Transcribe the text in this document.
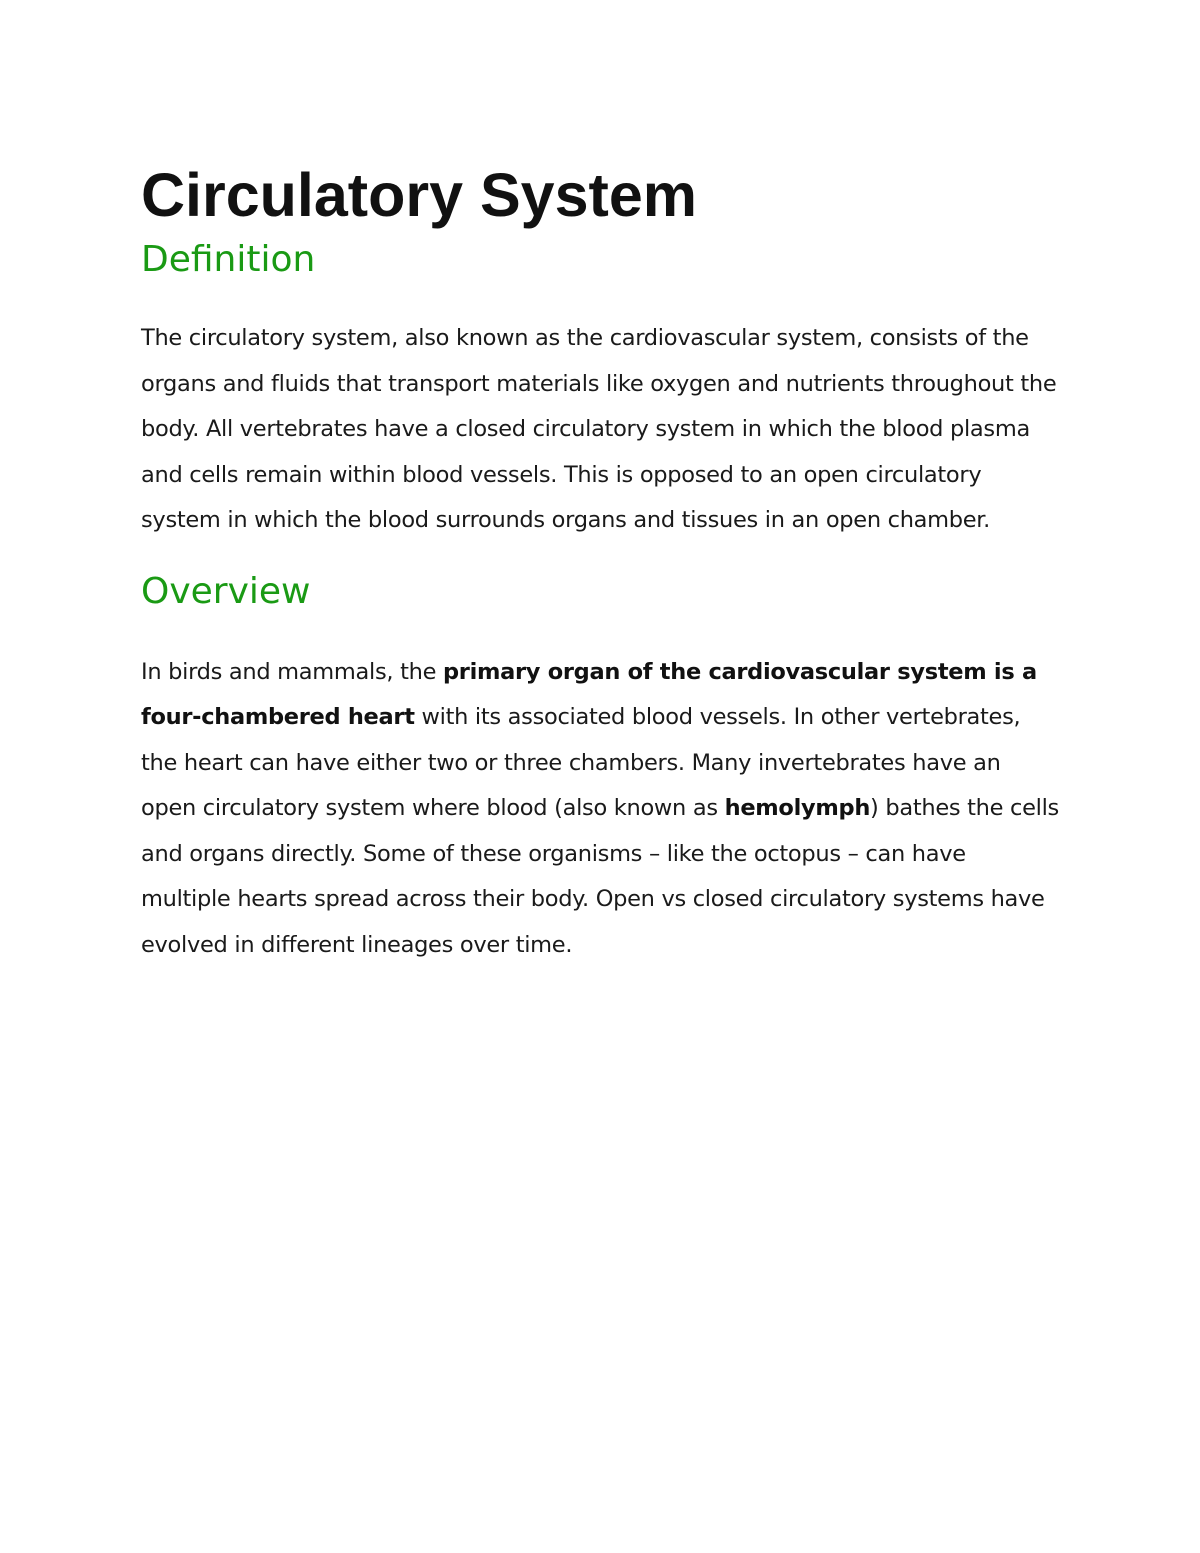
Circulatory System
Definition

The circulatory system, also known as the cardiovascular system, consists of the organs and fluids that transport materials like oxygen and nutrients throughout the body. All vertebrates have a closed circulatory system in which the blood plasma and cells remain within blood vessels. This is opposed to an open circulatory system in which the blood surrounds organs and tissues in an open chamber.

Overview

In birds and mammals, the primary organ of the cardiovascular system is a four-chambered heart with its associated blood vessels. In other vertebrates, the heart can have either two or three chambers. Many invertebrates have an open circulatory system where blood (also known as hemolymph) bathes the cells and organs directly. Some of these organisms – like the octopus – can have multiple hearts spread across their body. Open vs closed circulatory systems have evolved in different lineages over time.
